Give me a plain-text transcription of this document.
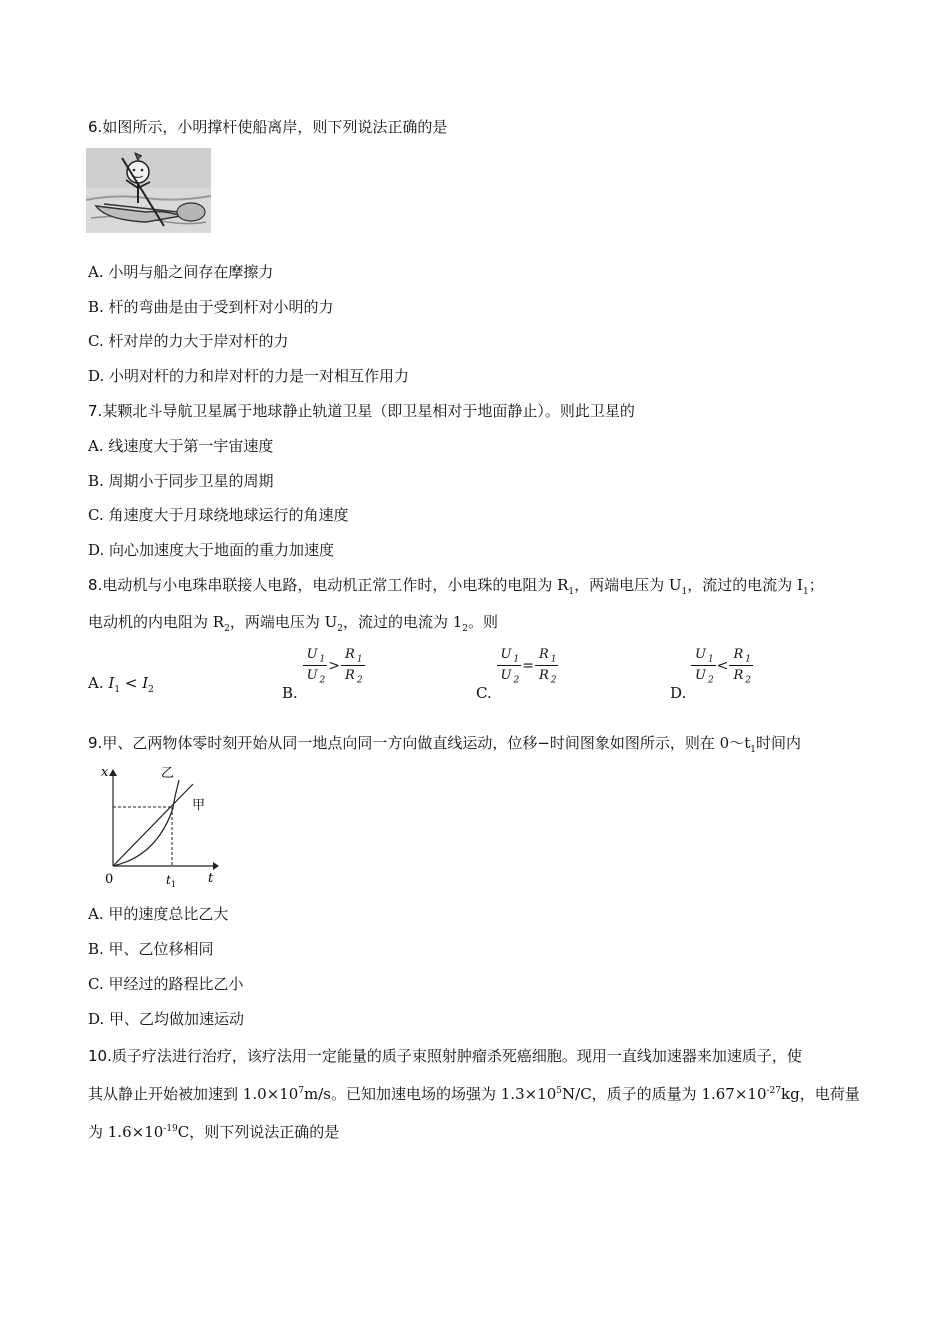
6.如图所示，小明撑杆使船离岸，则下列说法正确的是
A. 小明与船之间存在摩擦力
B. 杆的弯曲是由于受到杆对小明的力
C. 杆对岸的力大于岸对杆的力
D. 小明对杆的力和岸对杆的力是一对相互作用力
7.某颗北斗导航卫星属于地球静止轨道卫星（即卫星相对于地面静止）。则此卫星的
A. 线速度大于第一宇宙速度
B. 周期小于同步卫星的周期
C. 角速度大于月球绕地球运行的角速度
D. 向心加速度大于地面的重力加速度
8.电动机与小电珠串联接人电路，电动机正常工作时，小电珠的电阻为 $R_1$，两端电压为 $U_1$，流过的电流为 $I_1$；
电动机的内电阻为 $R_2$，两端电压为 $U_2$，流过的电流为 $1_2$。则
A. $I_1 < I_2$	B.
$\frac{U _1}{U _2} > \frac{R _1}{R _2}$
C.
$\frac{U _1}{U _2} = \frac{R _1}{R _2}$
D.
$\frac{U _1}{U _2} < \frac{R _1}{R _2}$
9.甲、乙两物体零时刻开始从同一地点向同一方向做直线运动，位移−时间图象如图所示，则在 $0\sim t_1$时间内
x
t
0	t 1
甲
乙
A. 甲的速度总比乙大
B. 甲、乙位移相同
C. 甲经过的路程比乙小
D. 甲、乙均做加速运动
10.质子疗法进行治疗，该疗法用一定能量的质子束照射肿瘤杀死癌细胞。现用一直线加速器来加速质子，使
其从静止开始被加速到 $1.0\times 10^7m/s$。已知加速电场的场强为 $1.3\times 10^5N/C$，质子的质量为 $1.67\times 10^{-27}kg$，电荷量
为 $1.6\times 10^{-19}C$，则下列说法正确的是
